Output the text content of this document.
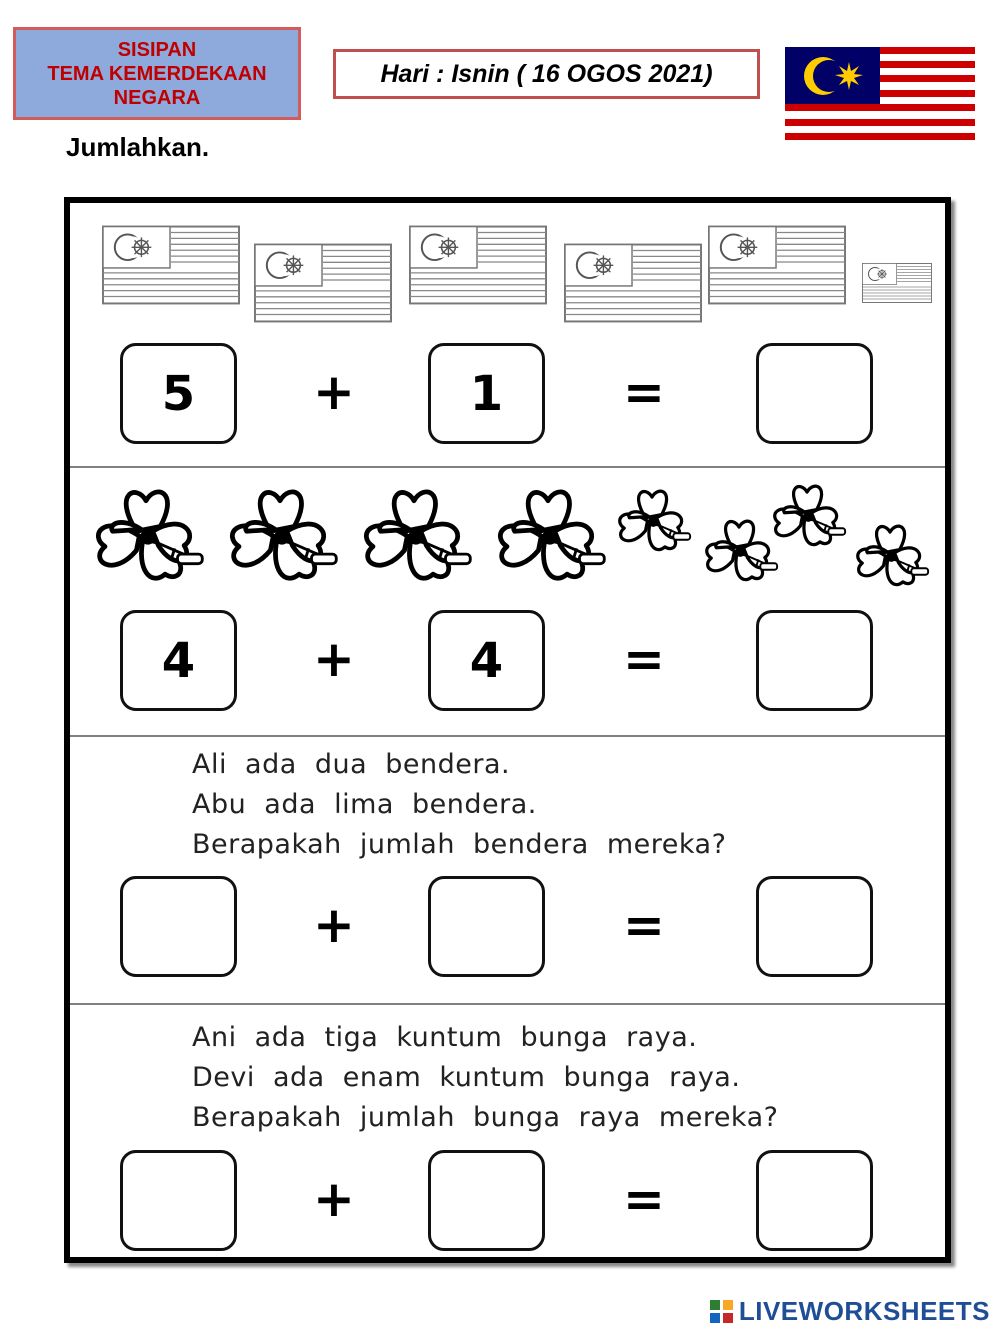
SISIPAN
TEMA KEMERDEKAAN
NEGARA
Hari : Isnin ( 16 OGOS 2021)
Jumlahkan.
5	+	1	=
4	+	4	=
Ali ada dua bendera.
Abu ada lima bendera.
Berapakah jumlah bendera mereka?
+	=
Ani ada tiga kuntum bunga raya.
Devi ada enam kuntum bunga raya.
Berapakah jumlah bunga raya mereka?
+	=
LIVEWORKSHEETS
